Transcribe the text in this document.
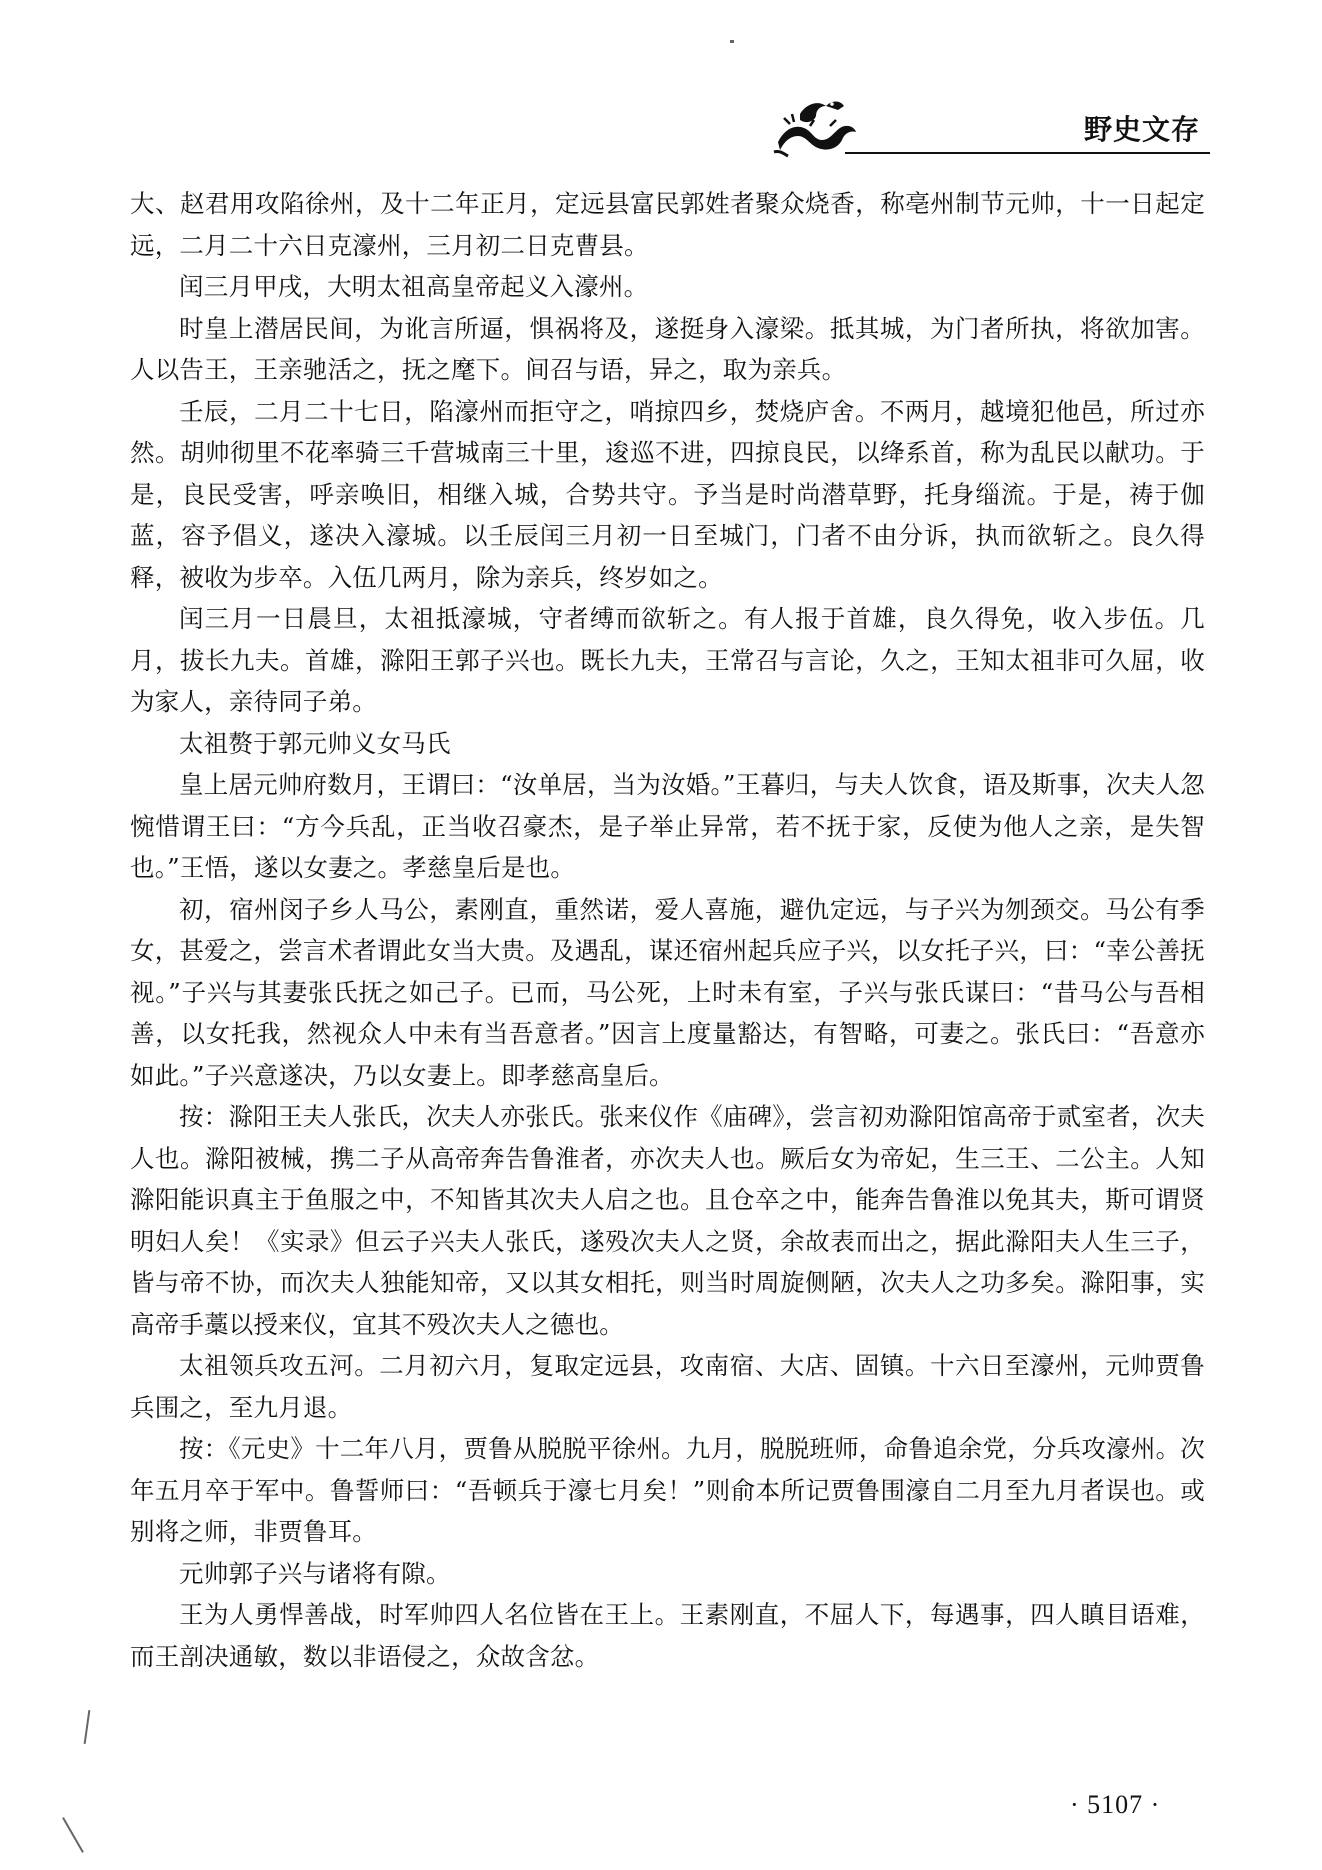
野史文存

大、赵君用攻陷徐州，及十二年正月，定远县富民郭姓者聚众烧香，称亳州制节元帅，十一日起定远，二月二十六日克濠州，三月初二日克曹县。

闰三月甲戌，大明太祖高皇帝起义入濠州。

时皇上潜居民间，为讹言所逼，惧祸将及，遂挺身入濠梁。抵其城，为门者所执，将欲加害。人以告王，王亲驰活之，抚之麾下。间召与语，异之，取为亲兵。

壬辰，二月二十七日，陷濠州而拒守之，哨掠四乡，焚烧庐舍。不两月，越境犯他邑，所过亦然。胡帅彻里不花率骑三千营城南三十里，逡巡不进，四掠良民，以绛系首，称为乱民以献功。于是，良民受害，呼亲唤旧，相继入城，合势共守。予当是时尚潜草野，托身缁流。于是，祷于伽蓝，容予倡义，遂决入濠城。以壬辰闰三月初一日至城门，门者不由分诉，执而欲斩之。良久得释，被收为步卒。入伍几两月，除为亲兵，终岁如之。

闰三月一日晨旦，太祖抵濠城，守者缚而欲斩之。有人报于首雄，良久得免，收入步伍。几月，拔长九夫。首雄，滁阳王郭子兴也。既长九夫，王常召与言论，久之，王知太祖非可久屈，收为家人，亲待同子弟。

太祖赘于郭元帅义女马氏

皇上居元帅府数月，王谓曰：“汝单居，当为汝婚。”王暮归，与夫人饮食，语及斯事，次夫人忽惋惜谓王曰：“方今兵乱，正当收召豪杰，是子举止异常，若不抚于家，反使为他人之亲，是失智也。”王悟，遂以女妻之。孝慈皇后是也。

初，宿州闵子乡人马公，素刚直，重然诺，爱人喜施，避仇定远，与子兴为刎颈交。马公有季女，甚爱之，尝言术者谓此女当大贵。及遇乱，谋还宿州起兵应子兴，以女托子兴，曰：“幸公善抚视。”子兴与其妻张氏抚之如己子。已而，马公死，上时未有室，子兴与张氏谋曰：“昔马公与吾相善，以女托我，然视众人中未有当吾意者。”因言上度量豁达，有智略，可妻之。张氏曰：“吾意亦如此。”子兴意遂决，乃以女妻上。即孝慈高皇后。

按：滁阳王夫人张氏，次夫人亦张氏。张来仪作《庙碑》，尝言初劝滁阳馆高帝于贰室者，次夫人也。滁阳被械，携二子从高帝奔告鲁淮者，亦次夫人也。厥后女为帝妃，生三王、二公主。人知滁阳能识真主于鱼服之中，不知皆其次夫人启之也。且仓卒之中，能奔告鲁淮以免其夫，斯可谓贤明妇人矣！《实录》但云子兴夫人张氏，遂殁次夫人之贤，余故表而出之，据此滁阳夫人生三子，皆与帝不协，而次夫人独能知帝，又以其女相托，则当时周旋侧陋，次夫人之功多矣。滁阳事，实高帝手藁以授来仪，宜其不殁次夫人之德也。

太祖领兵攻五河。二月初六月，复取定远县，攻南宿、大店、固镇。十六日至濠州，元帅贾鲁兵围之，至九月退。

按：《元史》十二年八月，贾鲁从脱脱平徐州。九月，脱脱班师，命鲁追余党，分兵攻濠州。次年五月卒于军中。鲁誓师曰：“吾顿兵于濠七月矣！”则俞本所记贾鲁围濠自二月至九月者误也。或别将之师，非贾鲁耳。

元帅郭子兴与诸将有隙。

王为人勇悍善战，时军帅四人名位皆在王上。王素刚直，不屈人下，每遇事，四人瞋目语难，而王剖决通敏，数以非语侵之，众故含忿。

· 5107 ·
